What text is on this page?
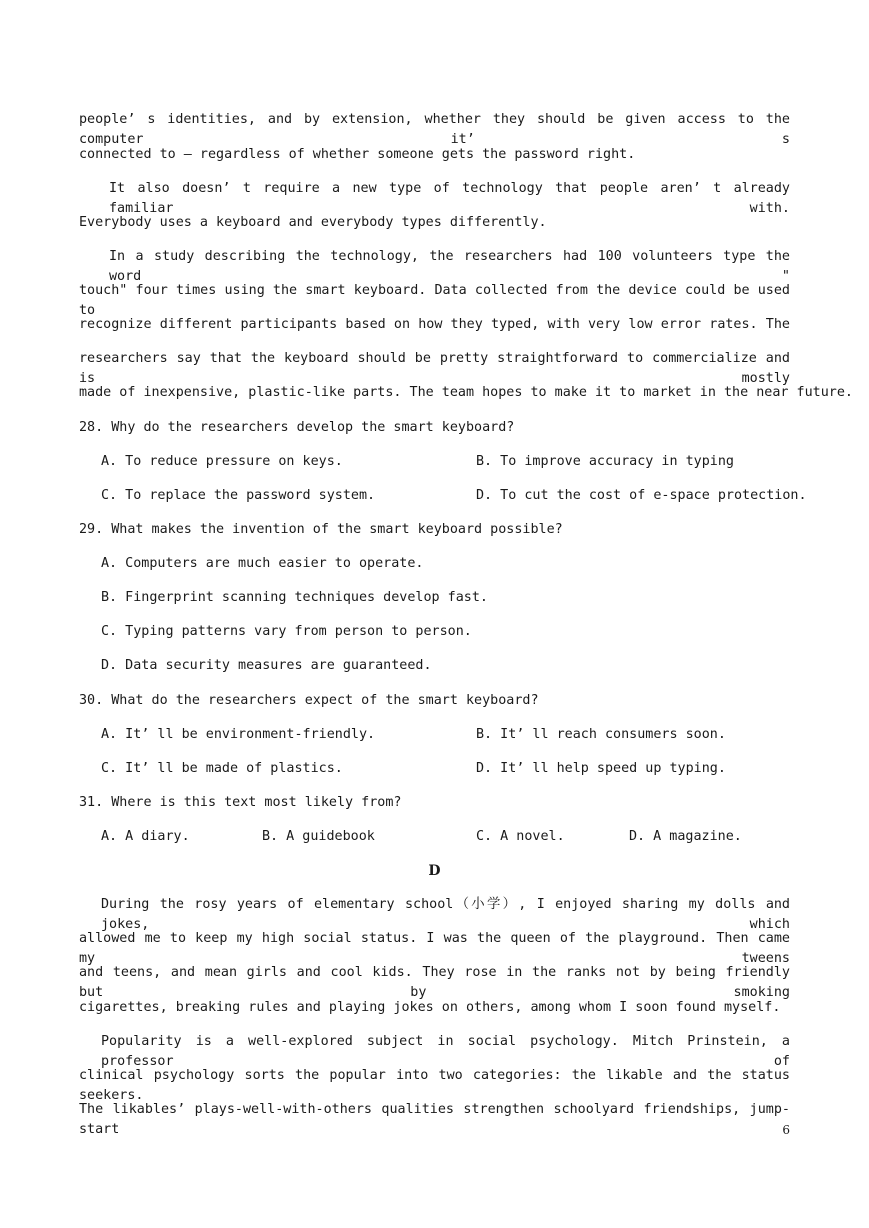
people’ s identities, and by extension, whether they should be given access to the computer it’ s
connected to — regardless of whether someone gets the password right.
It also doesn’ t require a new type of technology that people aren’ t already familiar with.
Everybody uses a keyboard and everybody types differently.
In a study describing the technology, the researchers had 100 volunteers type the word "
touch" four times using the smart keyboard. Data collected from the device could be used to
recognize different participants based on how they typed, with very low error rates. The
researchers say that the keyboard should be pretty straightforward to commercialize and is mostly
made of inexpensive, plastic-like parts. The team hopes to make it to market in the near future.
28. Why do the researchers develop the smart keyboard?
A. To reduce pressure on keys.	B. To improve accuracy in typing
C. To replace the password system.	D. To cut the cost of e-space protection.
29. What makes the invention of the smart keyboard possible?
A. Computers are much easier to operate.
B. Fingerprint scanning techniques develop fast.
C. Typing patterns vary from person to person.
D. Data security measures are guaranteed.
30. What do the researchers expect of the smart keyboard?
A. It’ ll be environment-friendly.	B. It’ ll reach consumers soon.
C. It’ ll be made of plastics.	D. It’ ll help speed up typing.
31. Where is this text most likely from?
A. A diary.	B. A guidebook	C. A novel.	D. A magazine.
D
During the rosy years of elementary school（小学）, I enjoyed sharing my dolls and jokes, which
allowed me to keep my high social status. I was the queen of the playground. Then came my tweens
and teens, and mean girls and cool kids. They rose in the ranks not by being friendly but by smoking
cigarettes, breaking rules and playing jokes on others, among whom I soon found myself.
Popularity is a well-explored subject in social psychology. Mitch Prinstein, a professor of
clinical psychology sorts the popular into two categories: the likable and the status seekers.
The likables’ plays-well-with-others qualities strengthen schoolyard friendships, jump-start	6
